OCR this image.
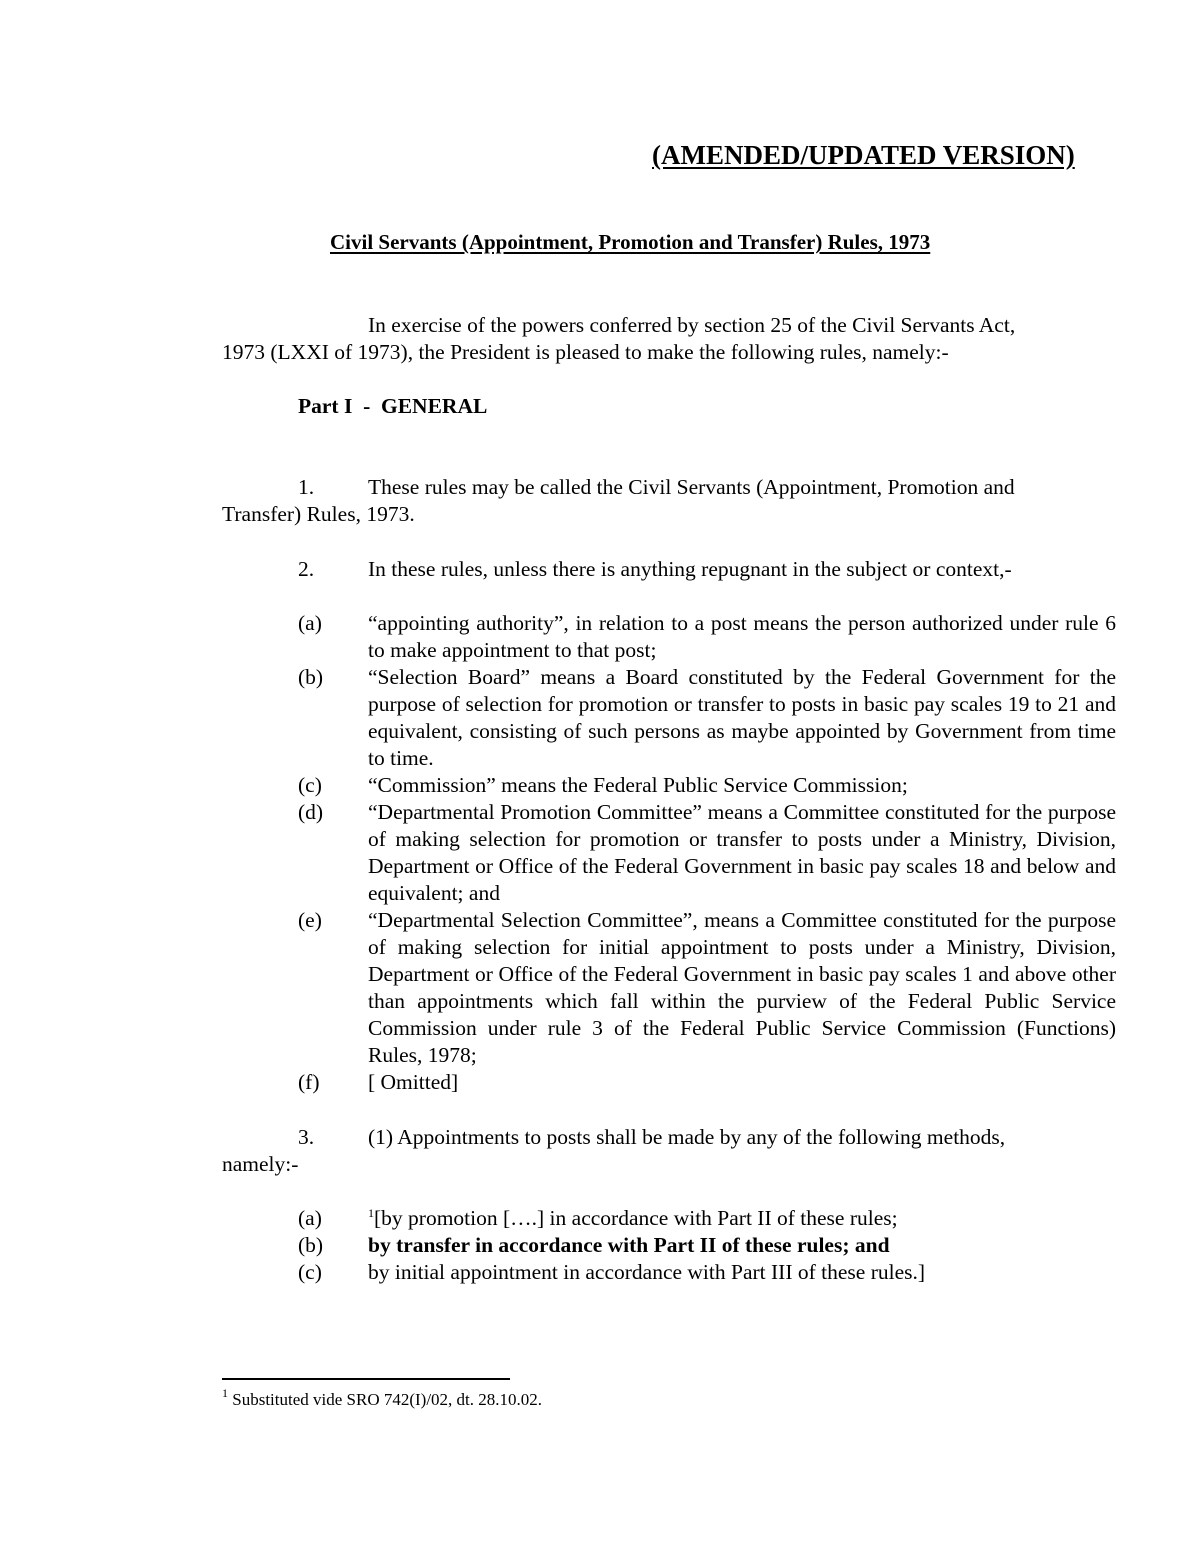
(AMENDED/UPDATED VERSION)
Civil Servants (Appointment, Promotion and Transfer) Rules, 1973
In exercise of the powers conferred by section 25 of the Civil Servants Act,
1973 (LXXI of 1973), the President is pleased to make the following rules, namely:-
Part I  -  GENERAL
1.	These rules may be called the Civil Servants (Appointment, Promotion and
Transfer) Rules, 1973.
2.	In these rules, unless there is anything repugnant in the subject or context,-
(a) “appointing authority”, in relation to a post means the person authorized under rule 6 to make appointment to that post;
(b) “Selection Board” means a Board constituted by the Federal Government for the purpose of selection for promotion or transfer to posts in basic pay scales 19 to 21 and equivalent, consisting of such persons as maybe appointed by Government from time to time.
(c) “Commission” means the Federal Public Service Commission;
(d) “Departmental Promotion Committee” means a Committee constituted for the purpose of making selection for promotion or transfer to posts under a Ministry, Division, Department or Office of the Federal Government in basic pay scales 18 and below and equivalent; and
(e) “Departmental Selection Committee”, means a Committee constituted for the purpose of making selection for initial appointment to posts under a Ministry, Division, Department or Office of the Federal Government in basic pay scales 1 and above other than appointments which fall within the purview of the Federal Public Service Commission under rule 3 of the Federal Public Service Commission (Functions) Rules, 1978;
(f) [ Omitted]
3.	(1) Appointments to posts shall be made by any of the following methods,
namely:-
(a)	$^1$[by promotion [….] in accordance with Part II of these rules;
(b) by transfer in accordance with Part II of these rules; and
(c) by initial appointment in accordance with Part III of these rules.]
$^1$ Substituted vide SRO 742(I)/02, dt. 28.10.02.
